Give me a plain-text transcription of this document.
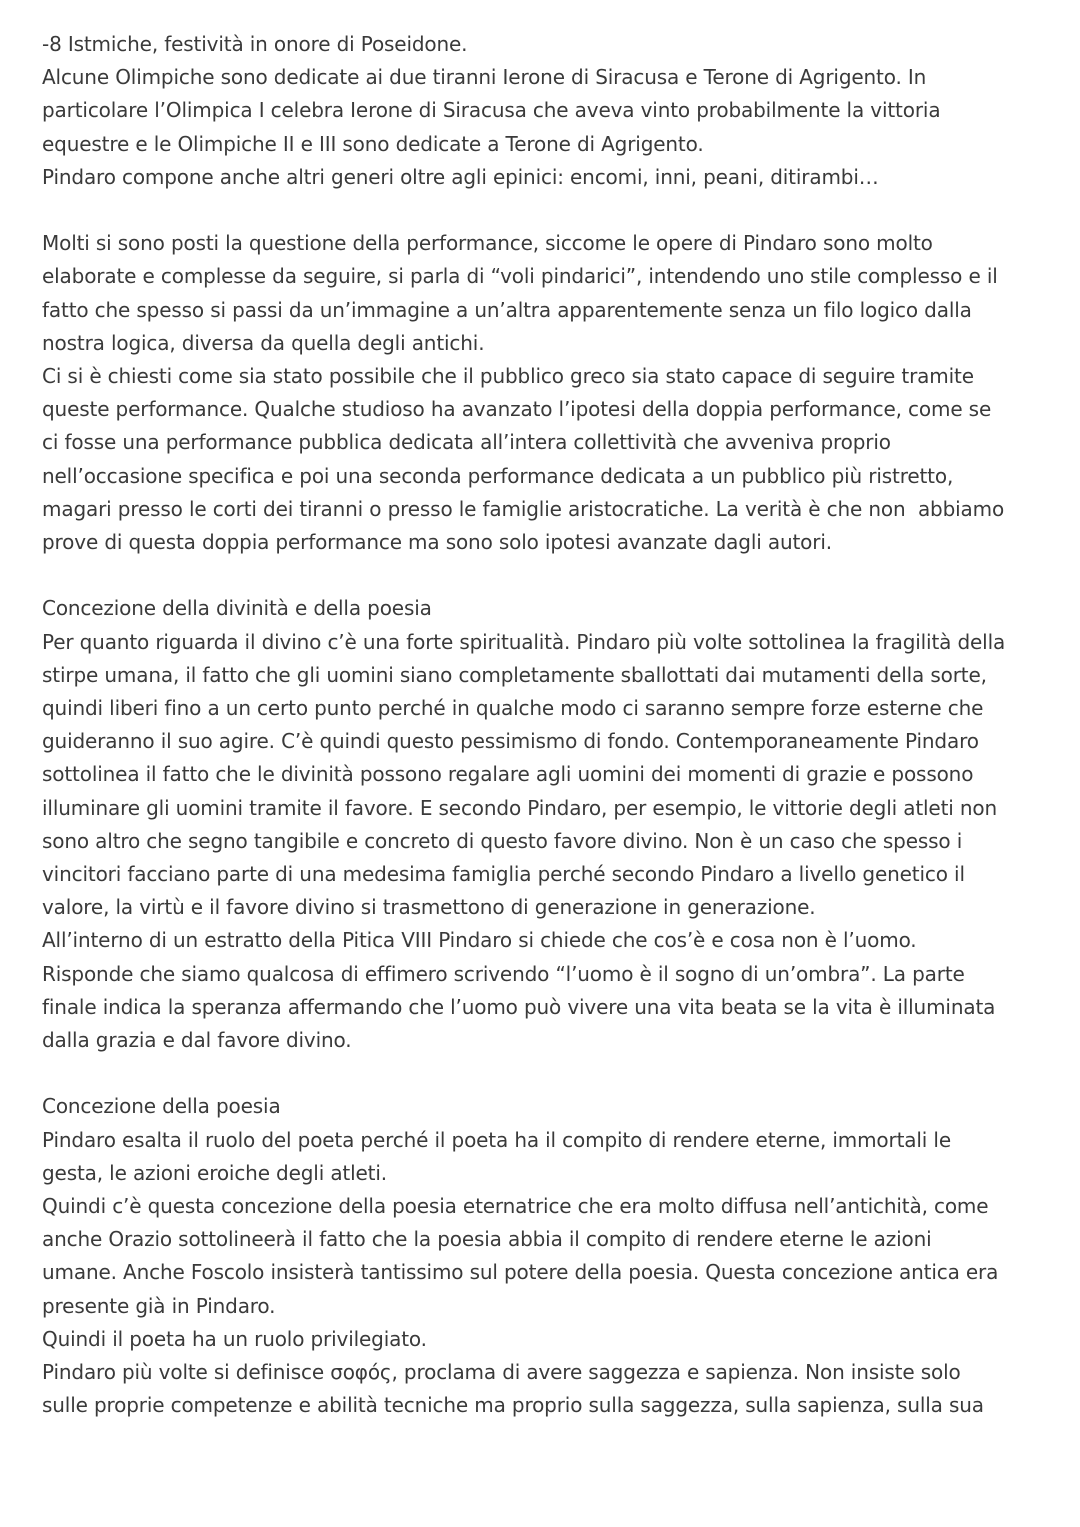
-8 Istmiche, festività in onore di Poseidone.
Alcune Olimpiche sono dedicate ai due tiranni Ierone di Siracusa e Terone di Agrigento. In
particolare l’Olimpica I celebra Ierone di Siracusa che aveva vinto probabilmente la vittoria
equestre e le Olimpiche II e III sono dedicate a Terone di Agrigento.
Pindaro compone anche altri generi oltre agli epinici: encomi, inni, peani, ditirambi…
Molti si sono posti la questione della performance, siccome le opere di Pindaro sono molto
elaborate e complesse da seguire, si parla di “voli pindarici”, intendendo uno stile complesso e il
fatto che spesso si passi da un’immagine a un’altra apparentemente senza un filo logico dalla
nostra logica, diversa da quella degli antichi.
Ci si è chiesti come sia stato possibile che il pubblico greco sia stato capace di seguire tramite
queste performance. Qualche studioso ha avanzato l’ipotesi della doppia performance, come se
ci fosse una performance pubblica dedicata all’intera collettività che avveniva proprio
nell’occasione specifica e poi una seconda performance dedicata a un pubblico più ristretto,
magari presso le corti dei tiranni o presso le famiglie aristocratiche. La verità è che non  abbiamo
prove di questa doppia performance ma sono solo ipotesi avanzate dagli autori.
Concezione della divinità e della poesia
Per quanto riguarda il divino c’è una forte spiritualità. Pindaro più volte sottolinea la fragilità della
stirpe umana, il fatto che gli uomini siano completamente sballottati dai mutamenti della sorte,
quindi liberi fino a un certo punto perché in qualche modo ci saranno sempre forze esterne che
guideranno il suo agire. C’è quindi questo pessimismo di fondo. Contemporaneamente Pindaro
sottolinea il fatto che le divinità possono regalare agli uomini dei momenti di grazie e possono
illuminare gli uomini tramite il favore. E secondo Pindaro, per esempio, le vittorie degli atleti non
sono altro che segno tangibile e concreto di questo favore divino. Non è un caso che spesso i
vincitori facciano parte di una medesima famiglia perché secondo Pindaro a livello genetico il
valore, la virtù e il favore divino si trasmettono di generazione in generazione.
All’interno di un estratto della Pitica VIII Pindaro si chiede che cos’è e cosa non è l’uomo.
Risponde che siamo qualcosa di effimero scrivendo “l’uomo è il sogno di un’ombra”. La parte
finale indica la speranza affermando che l’uomo può vivere una vita beata se la vita è illuminata
dalla grazia e dal favore divino.
Concezione della poesia
Pindaro esalta il ruolo del poeta perché il poeta ha il compito di rendere eterne, immortali le
gesta, le azioni eroiche degli atleti.
Quindi c’è questa concezione della poesia eternatrice che era molto diffusa nell’antichità, come
anche Orazio sottolineerà il fatto che la poesia abbia il compito di rendere eterne le azioni
umane. Anche Foscolo insisterà tantissimo sul potere della poesia. Questa concezione antica era
presente già in Pindaro.
Quindi il poeta ha un ruolo privilegiato.
Pindaro più volte si definisce σοφός, proclama di avere saggezza e sapienza. Non insiste solo
sulle proprie competenze e abilità tecniche ma proprio sulla saggezza, sulla sapienza, sulla sua
